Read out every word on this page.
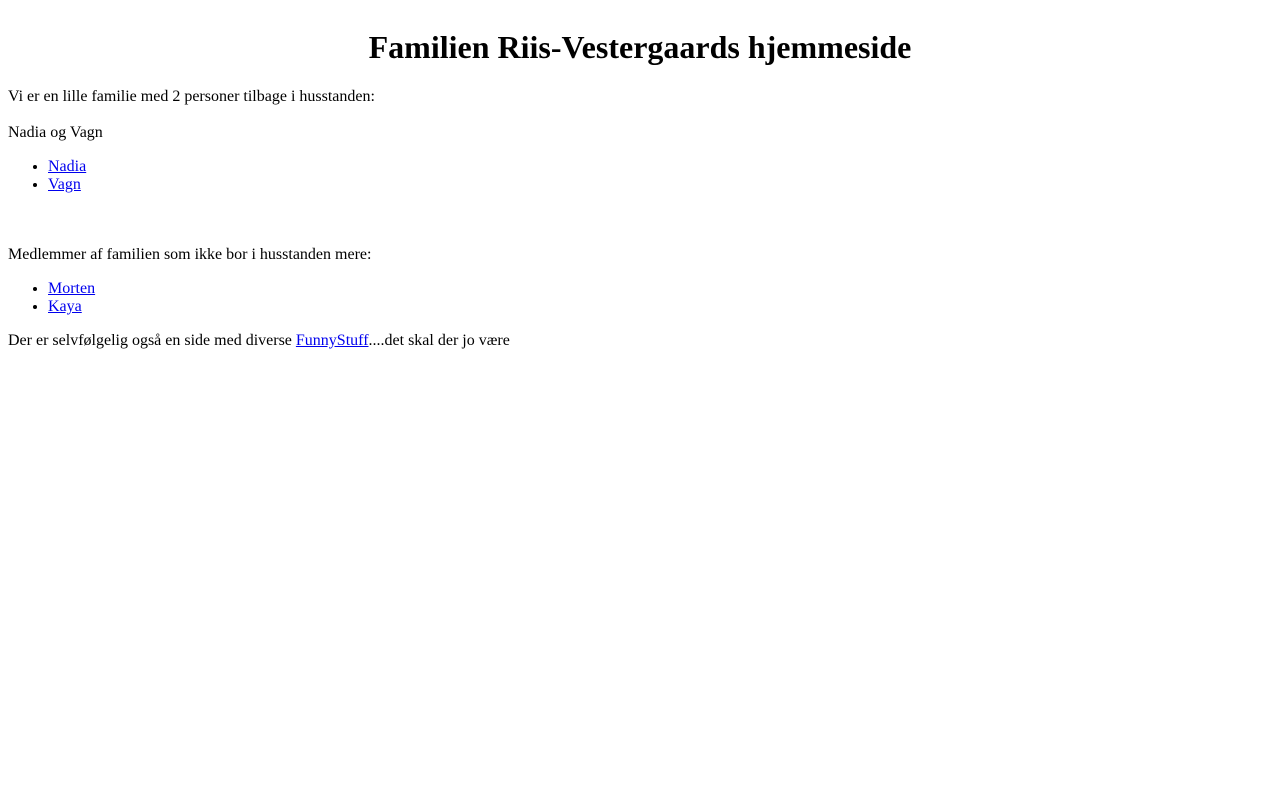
Familien Riis-Vestergaards hjemmeside

Vi er en lille familie med 2 personer tilbage i husstanden:

Nadia og Vagn
• Nadia
• Vagn

Medlemmer af familien som ikke bor i husstanden mere:

• Morten
• Kaya

Der er selvfølgelig også en side med diverse FunnyStuff....det skal der jo være
